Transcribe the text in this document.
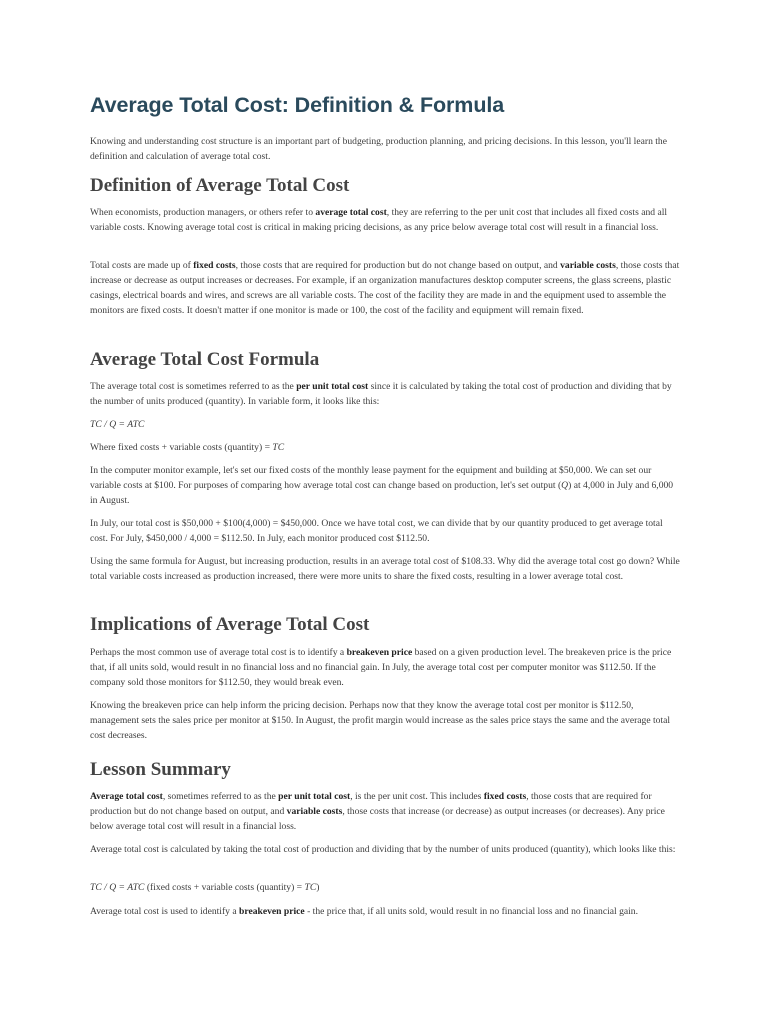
Average Total Cost: Definition & Formula

Knowing and understanding cost structure is an important part of budgeting, production planning, and pricing decisions. In this lesson, you'll learn the definition and calculation of average total cost.

Definition of Average Total Cost

When economists, production managers, or others refer to average total cost, they are referring to the per unit cost that includes all fixed costs and all variable costs. Knowing average total cost is critical in making pricing decisions, as any price below average total cost will result in a financial loss.

Total costs are made up of fixed costs, those costs that are required for production but do not change based on output, and variable costs, those costs that increase or decrease as output increases or decreases. For example, if an organization manufactures desktop computer screens, the glass screens, plastic casings, electrical boards and wires, and screws are all variable costs. The cost of the facility they are made in and the equipment used to assemble the monitors are fixed costs. It doesn't matter if one monitor is made or 100, the cost of the facility and equipment will remain fixed.

Average Total Cost Formula

The average total cost is sometimes referred to as the per unit total cost since it is calculated by taking the total cost of production and dividing that by the number of units produced (quantity). In variable form, it looks like this:

TC / Q = ATC

Where fixed costs + variable costs (quantity) = TC

In the computer monitor example, let's set our fixed costs of the monthly lease payment for the equipment and building at $50,000. We can set our variable costs at $100. For purposes of comparing how average total cost can change based on production, let's set output (Q) at 4,000 in July and 6,000 in August.

In July, our total cost is $50,000 + $100(4,000) = $450,000. Once we have total cost, we can divide that by our quantity produced to get average total cost. For July, $450,000 / 4,000 = $112.50. In July, each monitor produced cost $112.50.

Using the same formula for August, but increasing production, results in an average total cost of $108.33. Why did the average total cost go down? While total variable costs increased as production increased, there were more units to share the fixed costs, resulting in a lower average total cost.

Implications of Average Total Cost

Perhaps the most common use of average total cost is to identify a breakeven price based on a given production level. The breakeven price is the price that, if all units sold, would result in no financial loss and no financial gain. In July, the average total cost per computer monitor was $112.50. If the company sold those monitors for $112.50, they would break even.

Knowing the breakeven price can help inform the pricing decision. Perhaps now that they know the average total cost per monitor is $112.50, management sets the sales price per monitor at $150. In August, the profit margin would increase as the sales price stays the same and the average total cost decreases.

Lesson Summary

Average total cost, sometimes referred to as the per unit total cost, is the per unit cost. This includes fixed costs, those costs that are required for production but do not change based on output, and variable costs, those costs that increase (or decrease) as output increases (or decreases). Any price below average total cost will result in a financial loss.

Average total cost is calculated by taking the total cost of production and dividing that by the number of units produced (quantity), which looks like this:

TC / Q = ATC (fixed costs + variable costs (quantity) = TC)

Average total cost is used to identify a breakeven price - the price that, if all units sold, would result in no financial loss and no financial gain.
